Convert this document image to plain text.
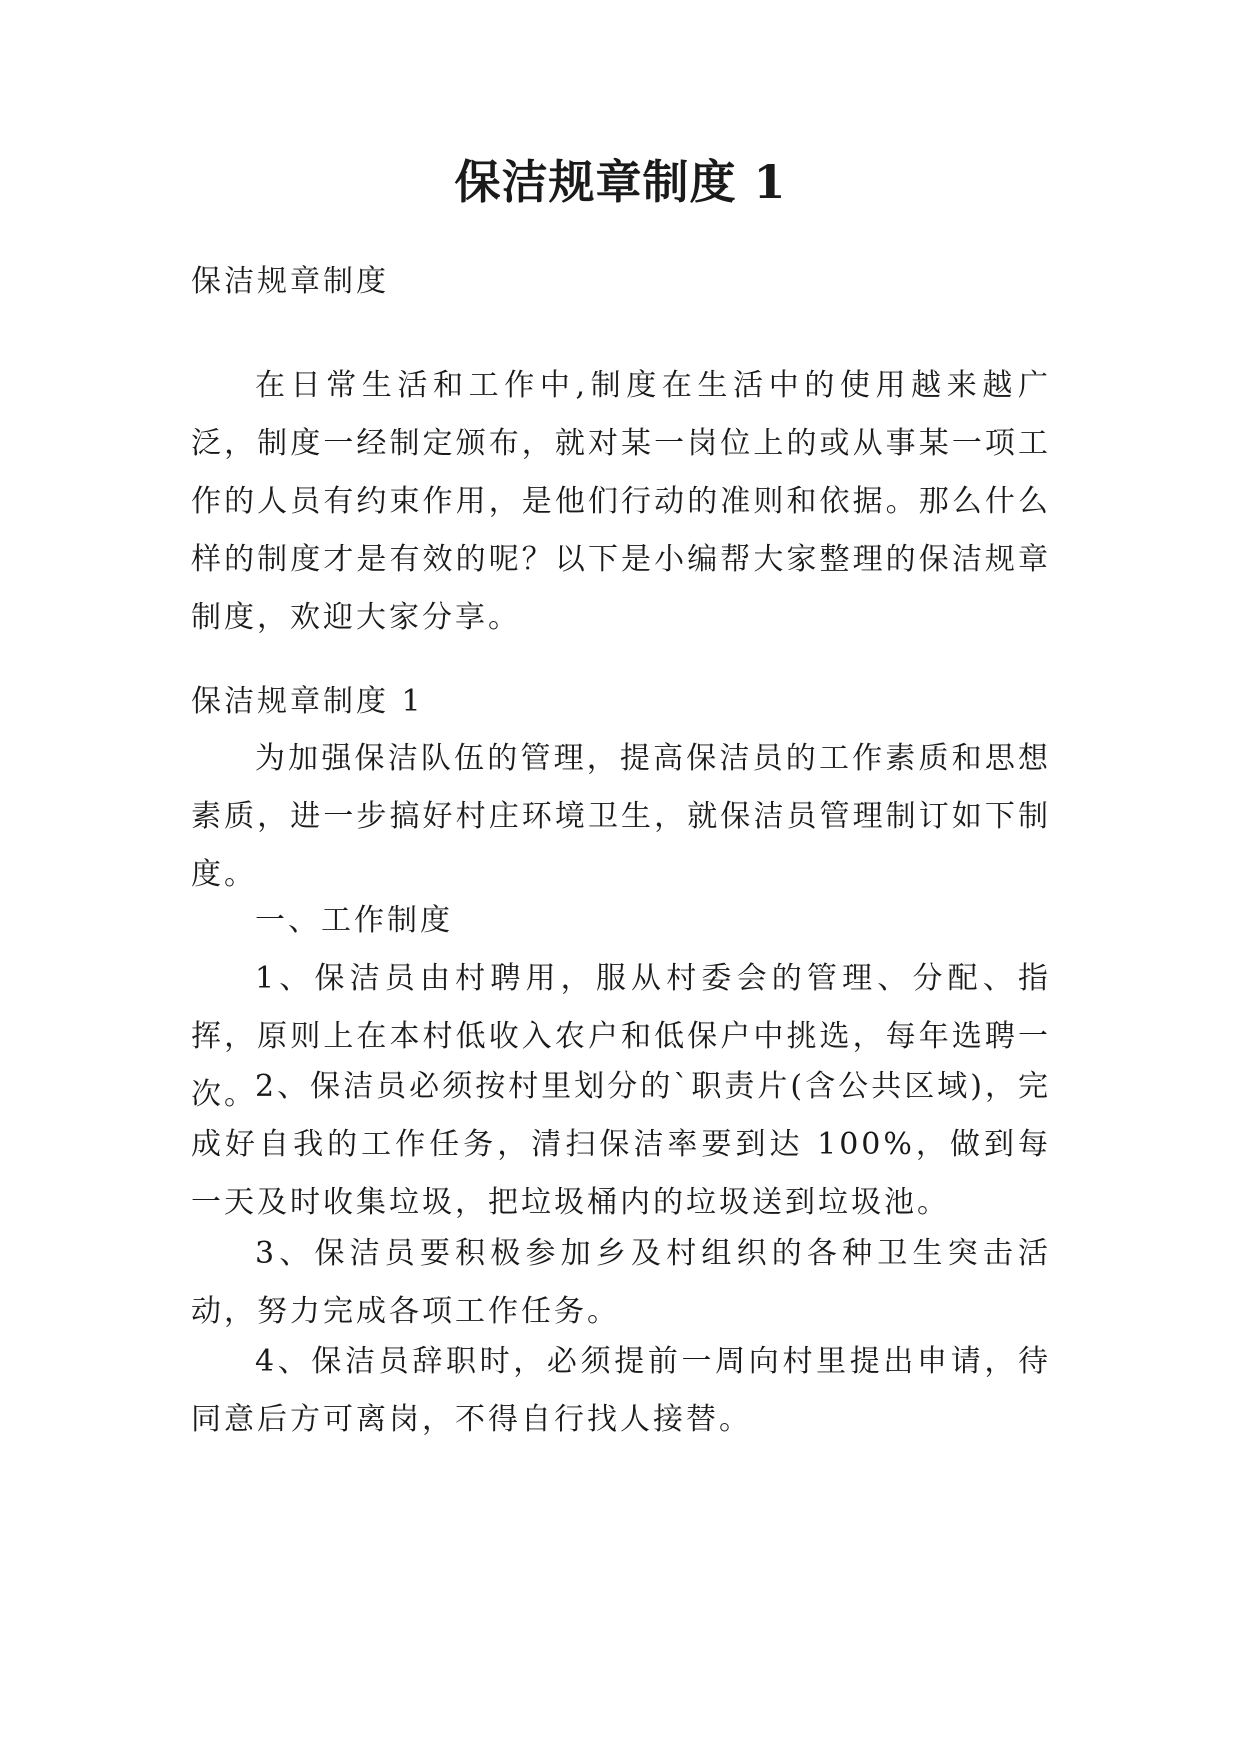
保洁规章制度 1

保洁规章制度

在日常生活和工作中,制度在生活中的使用越来越广泛，制度一经制定颁布，就对某一岗位上的或从事某一项工作的人员有约束作用，是他们行动的准则和依据。那么什么样的制度才是有效的呢？以下是小编帮大家整理的保洁规章制度，欢迎大家分享。

保洁规章制度 1

为加强保洁队伍的管理，提高保洁员的工作素质和思想素质，进一步搞好村庄环境卫生，就保洁员管理制订如下制度。

一、工作制度

1、保洁员由村聘用，服从村委会的管理、分配、指挥，原则上在本村低收入农户和低保户中挑选，每年选聘一次。

2、保洁员必须按村里划分的`职责片(含公共区域)，完成好自我的工作任务，清扫保洁率要到达 100%，做到每一天及时收集垃圾，把垃圾桶内的垃圾送到垃圾池。

3、保洁员要积极参加乡及村组织的各种卫生突击活动，努力完成各项工作任务。

4、保洁员辞职时，必须提前一周向村里提出申请，待同意后方可离岗，不得自行找人接替。
